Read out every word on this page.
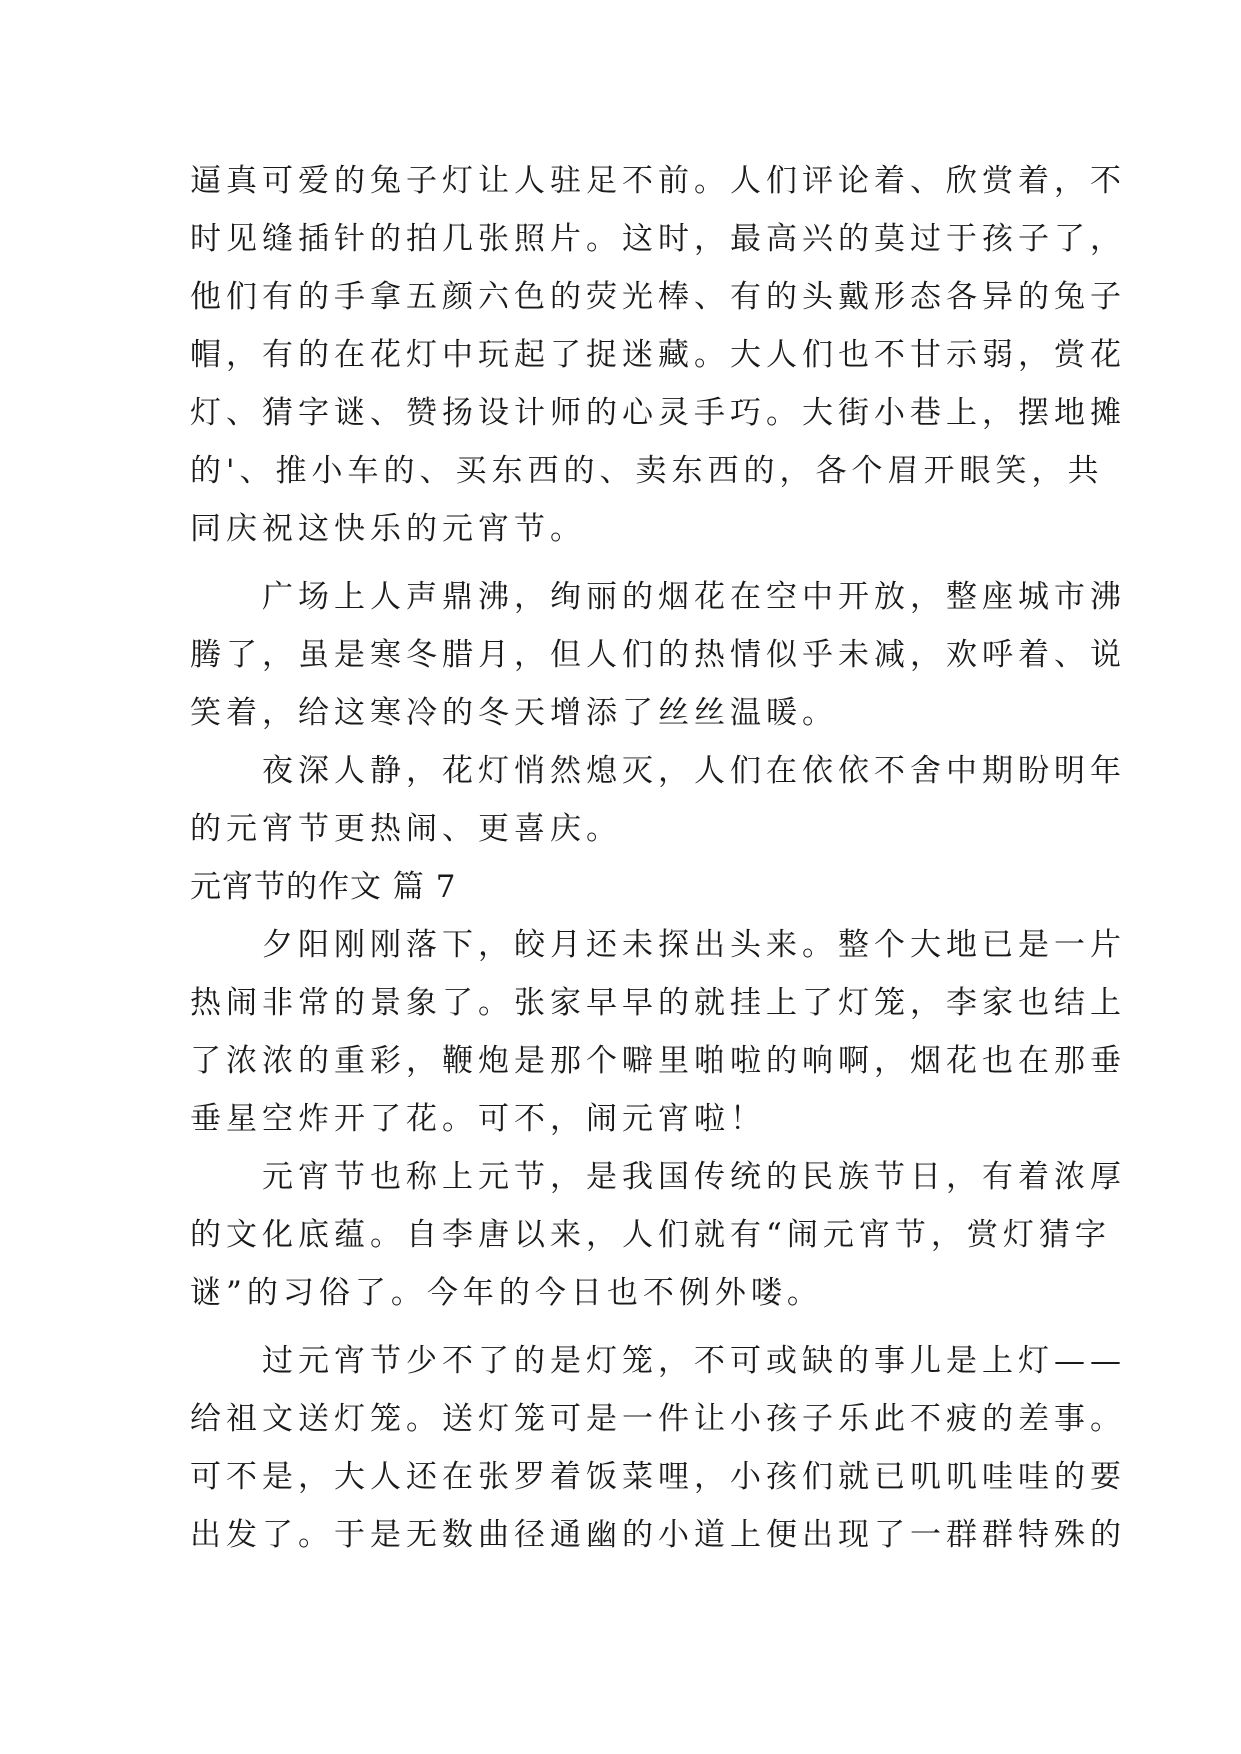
逼真可爱的兔子灯让人驻足不前。人们评论着、欣赏着，不
时见缝插针的拍几张照片。这时，最高兴的莫过于孩子了，
他们有的手拿五颜六色的荧光棒、有的头戴形态各异的兔子
帽，有的在花灯中玩起了捉迷藏。大人们也不甘示弱，赏花
灯、猜字谜、赞扬设计师的心灵手巧。大街小巷上，摆地摊
的'、推小车的、买东西的、卖东西的，各个眉开眼笑，共
同庆祝这快乐的元宵节。
　　广场上人声鼎沸，绚丽的烟花在空中开放，整座城市沸
腾了，虽是寒冬腊月，但人们的热情似乎未减，欢呼着、说
笑着，给这寒冷的冬天增添了丝丝温暖。
　　夜深人静，花灯悄然熄灭，人们在依依不舍中期盼明年
的元宵节更热闹、更喜庆。
元宵节的作文 篇 7
　　夕阳刚刚落下，皎月还未探出头来。整个大地已是一片
热闹非常的景象了。张家早早的就挂上了灯笼，李家也结上
了浓浓的重彩，鞭炮是那个噼里啪啦的响啊，烟花也在那垂
垂星空炸开了花。可不，闹元宵啦！
　　元宵节也称上元节，是我国传统的民族节日，有着浓厚
的文化底蕴。自李唐以来，人们就有“闹元宵节，赏灯猜字
谜”的习俗了。今年的今日也不例外喽。
　　过元宵节少不了的是灯笼，不可或缺的事儿是上灯——
给祖文送灯笼。送灯笼可是一件让小孩子乐此不疲的差事。
可不是，大人还在张罗着饭菜哩，小孩们就已叽叽哇哇的要
出发了。于是无数曲径通幽的小道上便出现了一群群特殊的
